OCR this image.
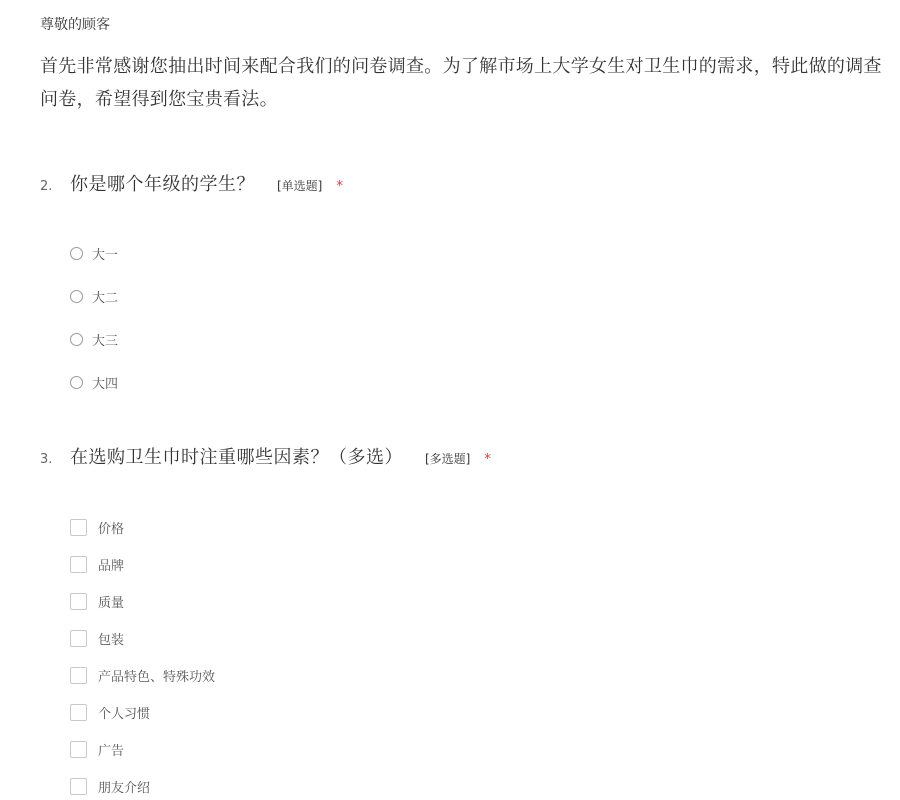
尊敬的顾客
首先非常感谢您抽出时间来配合我们的问卷调查。为了解市场上大学女生对卫生巾的需求，特此做的调查问卷，希望得到您宝贵看法。
2. 你是哪个年级的学生？ [单选题] *
大一
大二
大三
大四
3. 在选购卫生巾时注重哪些因素？（多选） [多选题] *
价格
品牌
质量
包装
产品特色、特殊功效
个人习惯
广告
朋友介绍
